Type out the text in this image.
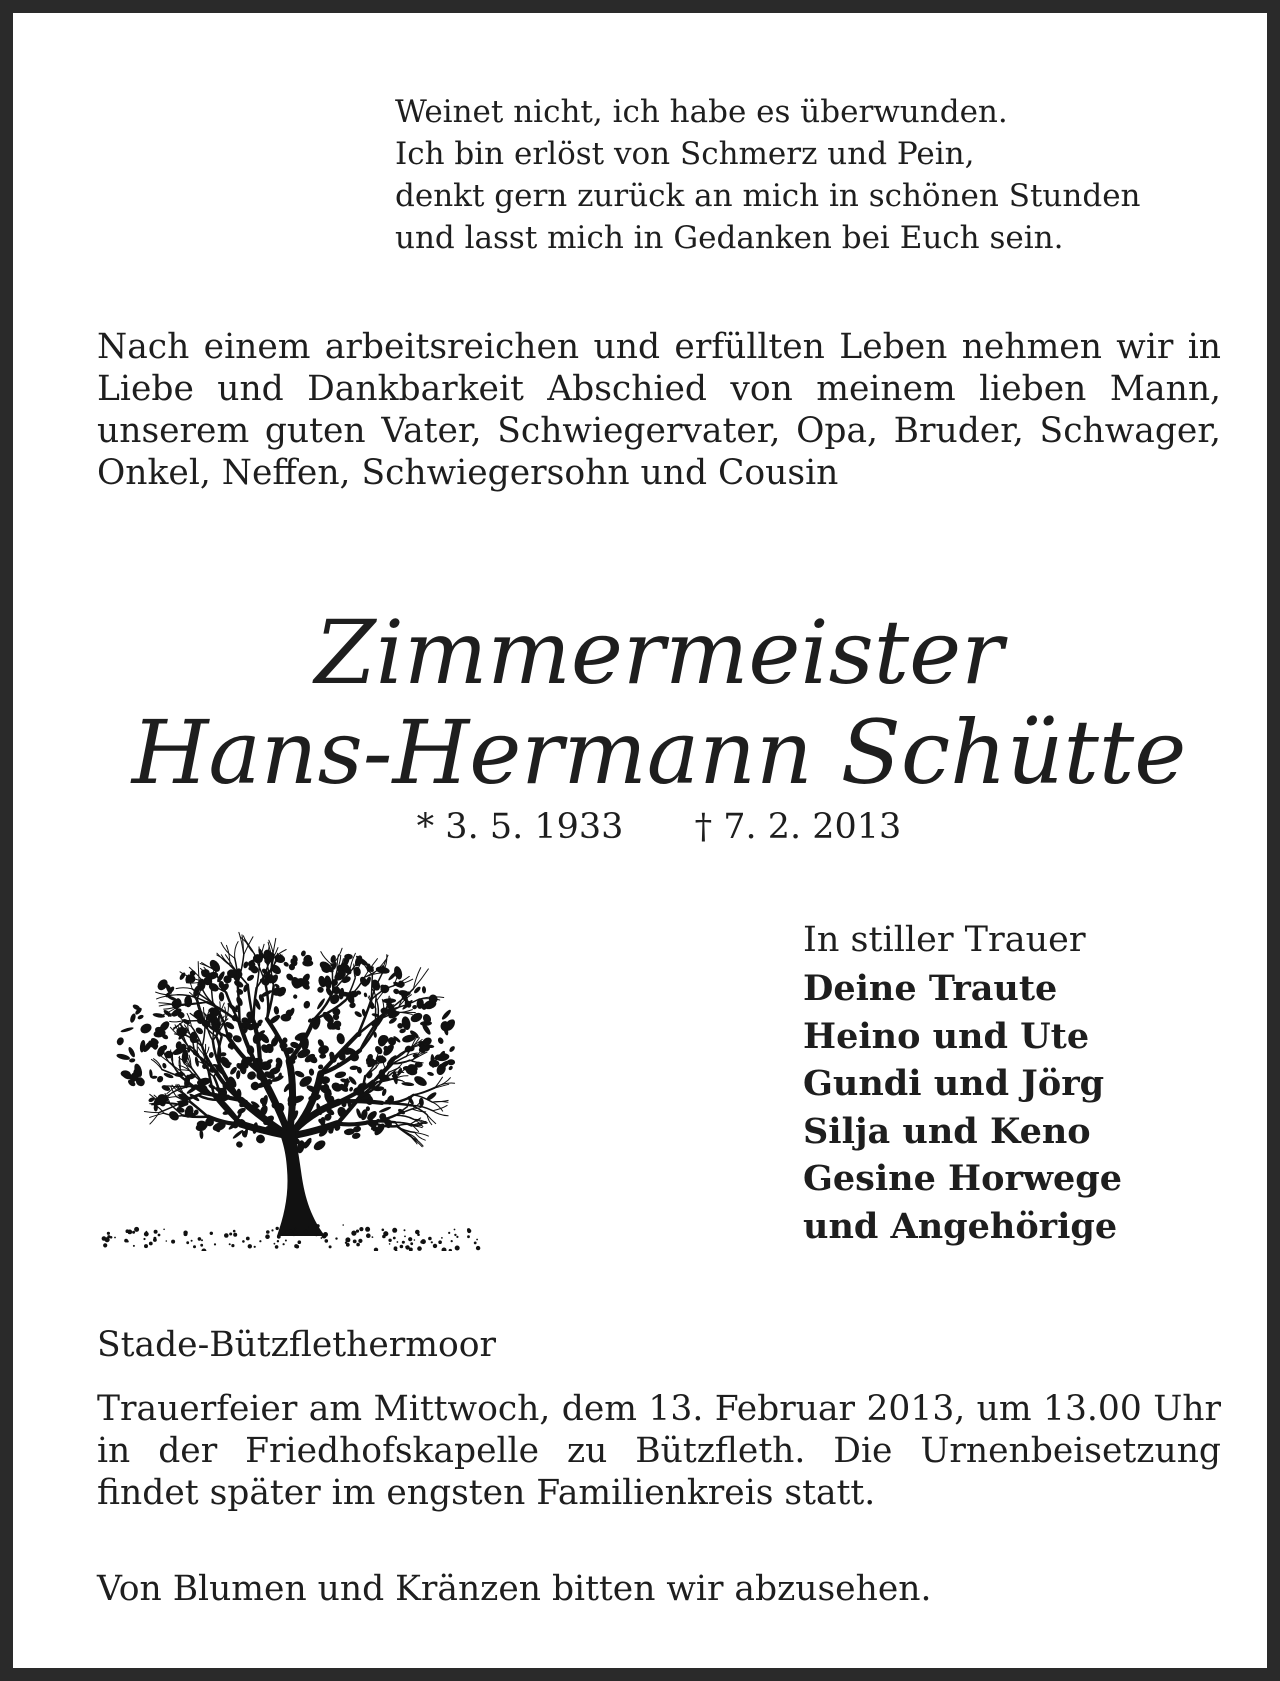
Weinet nicht, ich habe es überwunden.
Ich bin erlöst von Schmerz und Pein,
denkt gern zurück an mich in schönen Stunden
und lasst mich in Gedanken bei Euch sein.

Nach einem arbeitsreichen und erfüllten Leben nehmen wir in Liebe und Dankbarkeit Abschied von meinem lieben Mann, unserem guten Vater, Schwiegervater, Opa, Bruder, Schwager, Onkel, Neffen, Schwiegersohn und Cousin

Zimmermeister
Hans-Hermann Schütte
* 3. 5. 1933 † 7. 2. 2013
In stiller Trauer
Deine Traute
Heino und Ute
Gundi und Jörg
Silja und Keno
Gesine Horwege
und Angehörige
Stade-Bützflethermoor

Trauerfeier am Mittwoch, dem 13. Februar 2013, um 13.00 Uhr in der Friedhofskapelle zu Bützfleth. Die Urnenbeisetzung findet später im engsten Familienkreis statt.

Von Blumen und Kränzen bitten wir abzusehen.
